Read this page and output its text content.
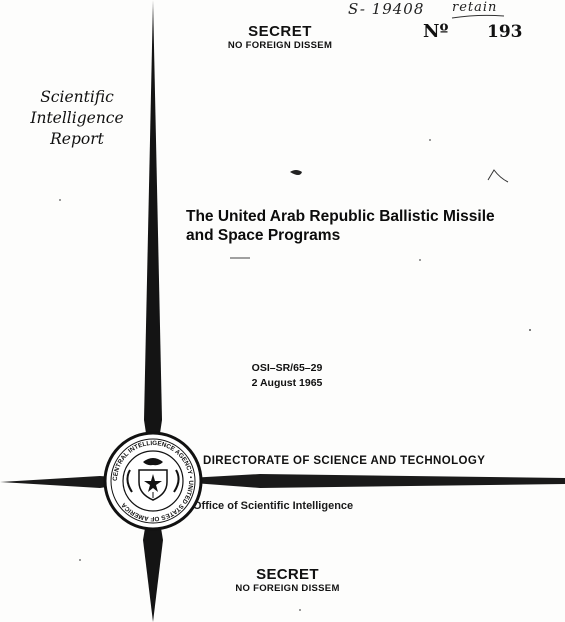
CENTRAL INTELLIGENCE AGENCY • UNITED STATES OF AMERICA
S- 19408 retain
SECRET
NO FOREIGN DISSEM
Nº 193
Scientific
Intelligence
Report
The United Arab Republic Ballistic Missile
and Space Programs
OSI–SR/65–29
2 August 1965
DIRECTORATE OF SCIENCE AND TECHNOLOGY
Office of Scientific Intelligence
SECRET
NO FOREIGN DISSEM
